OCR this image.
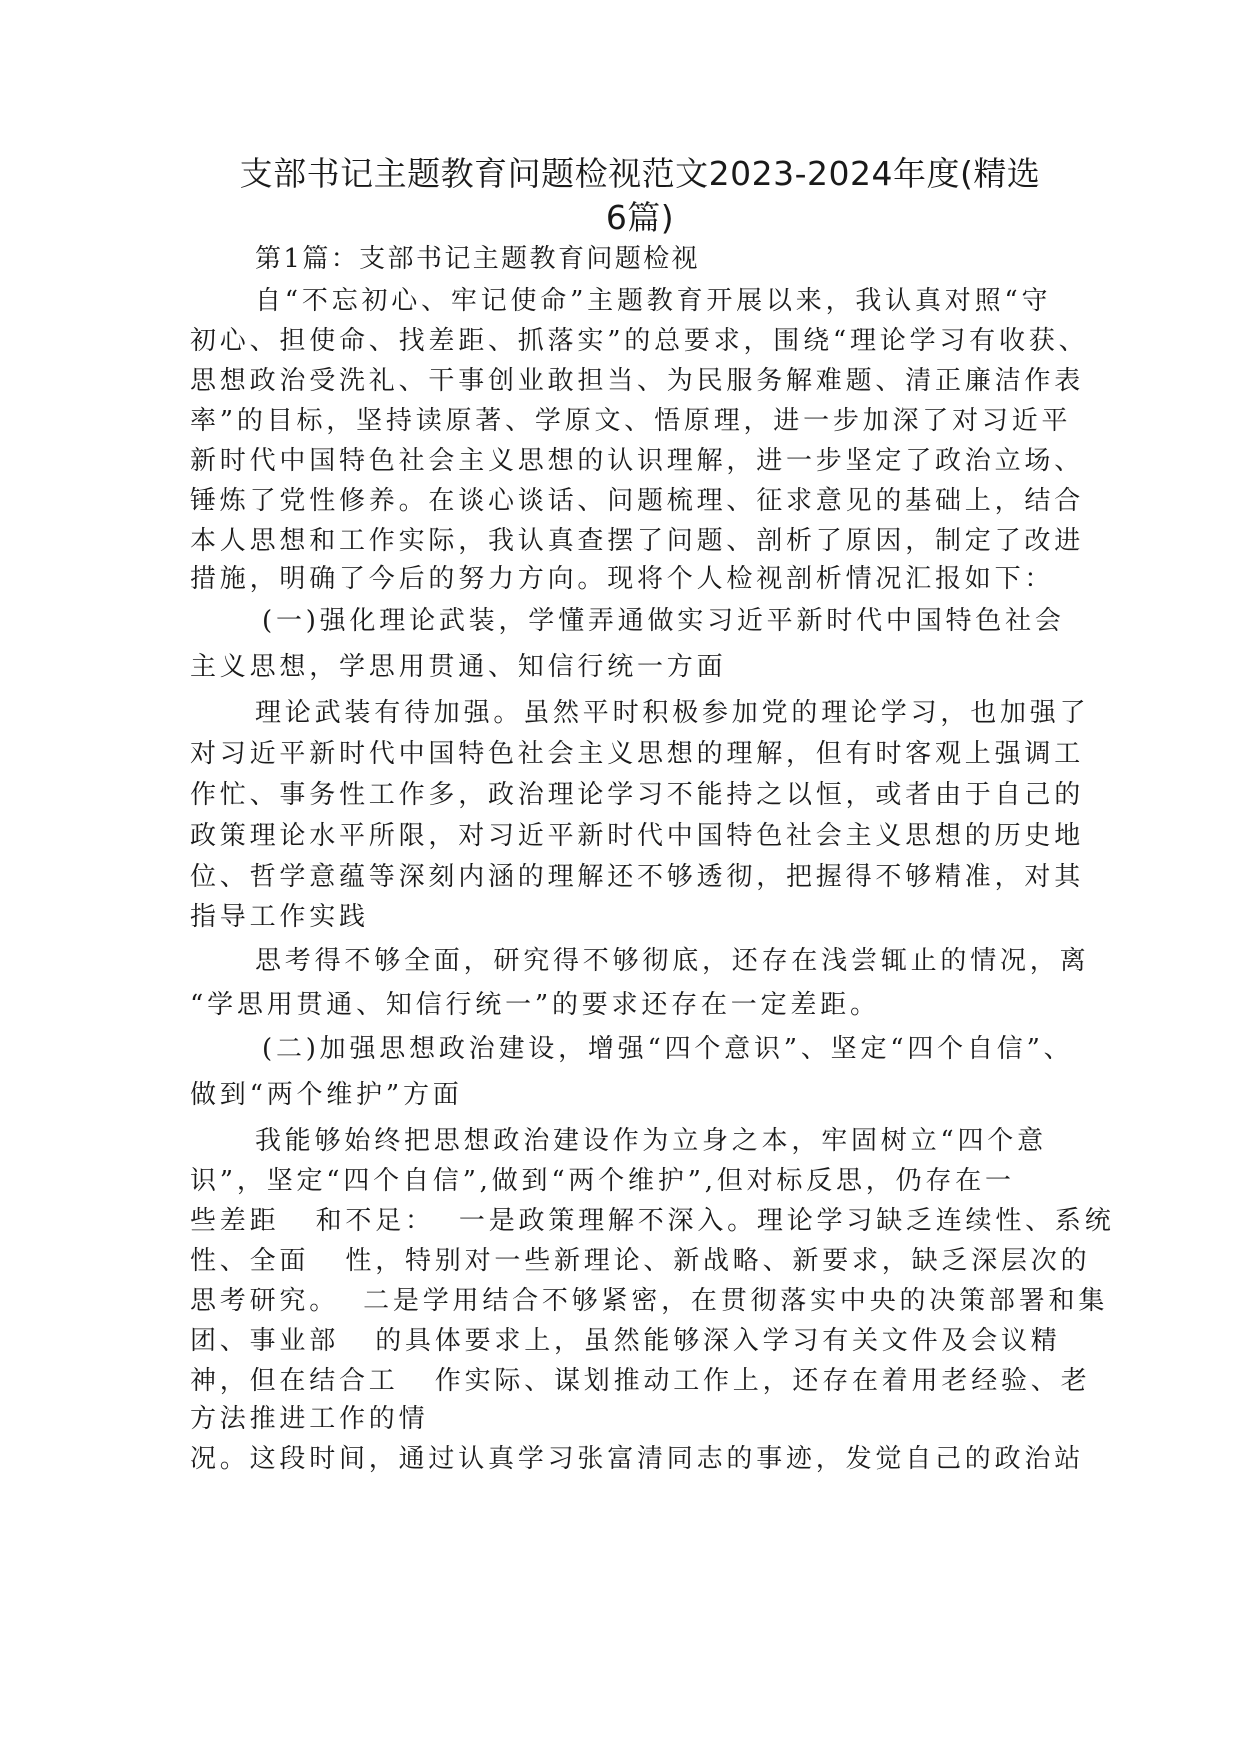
支部书记主题教育问题检视范文2023-2024年度(精选 6篇)
第1篇：支部书记主题教育问题检视
自“不忘初心、牢记使命”主题教育开展以来，我认真对照“守
初心、担使命、找差距、抓落实”的总要求，围绕“理论学习有收获、
思想政治受洗礼、干事创业敢担当、为民服务解难题、清正廉洁作表
率”的目标，坚持读原著、学原文、悟原理，进一步加深了对习近平
新时代中国特色社会主义思想的认识理解，进一步坚定了政治立场、
锤炼了党性修养。在谈心谈话、问题梳理、征求意见的基础上，结合
本人思想和工作实际，我认真查摆了问题、剖析了原因，制定了改进
措施，明确了今后的努力方向。现将个人检视剖析情况汇报如下：
(一)强化理论武装，学懂弄通做实习近平新时代中国特色社会
主义思想，学思用贯通、知信行统一方面
理论武装有待加强。虽然平时积极参加党的理论学习，也加强了
对习近平新时代中国特色社会主义思想的理解，但有时客观上强调工
作忙、事务性工作多，政治理论学习不能持之以恒，或者由于自己的
政策理论水平所限，对习近平新时代中国特色社会主义思想的历史地
位、哲学意蕴等深刻内涵的理解还不够透彻，把握得不够精准，对其
指导工作实践
思考得不够全面，研究得不够彻底，还存在浅尝辄止的情况，离
“学思用贯通、知信行统一”的要求还存在一定差距。
(二)加强思想政治建设，增强“四个意识”、坚定“四个自信”、
做到“两个维护”方面
我能够始终把思想政治建设作为立身之本，牢固树立“四个意
识”，坚定“四个自信”,做到“两个维护”,但对标反思，仍存在一
些差距   和不足：  一是政策理解不深入。理论学习缺乏连续性、系统
性、全面   性，特别对一些新理论、新战略、新要求，缺乏深层次的
思考研究。  二是学用结合不够紧密，在贯彻落实中央的决策部署和集
团、事业部   的具体要求上，虽然能够深入学习有关文件及会议精
神，但在结合工   作实际、谋划推动工作上，还存在着用老经验、老
方法推进工作的情
况。这段时间，通过认真学习张富清同志的事迹，发觉自己的政治站
